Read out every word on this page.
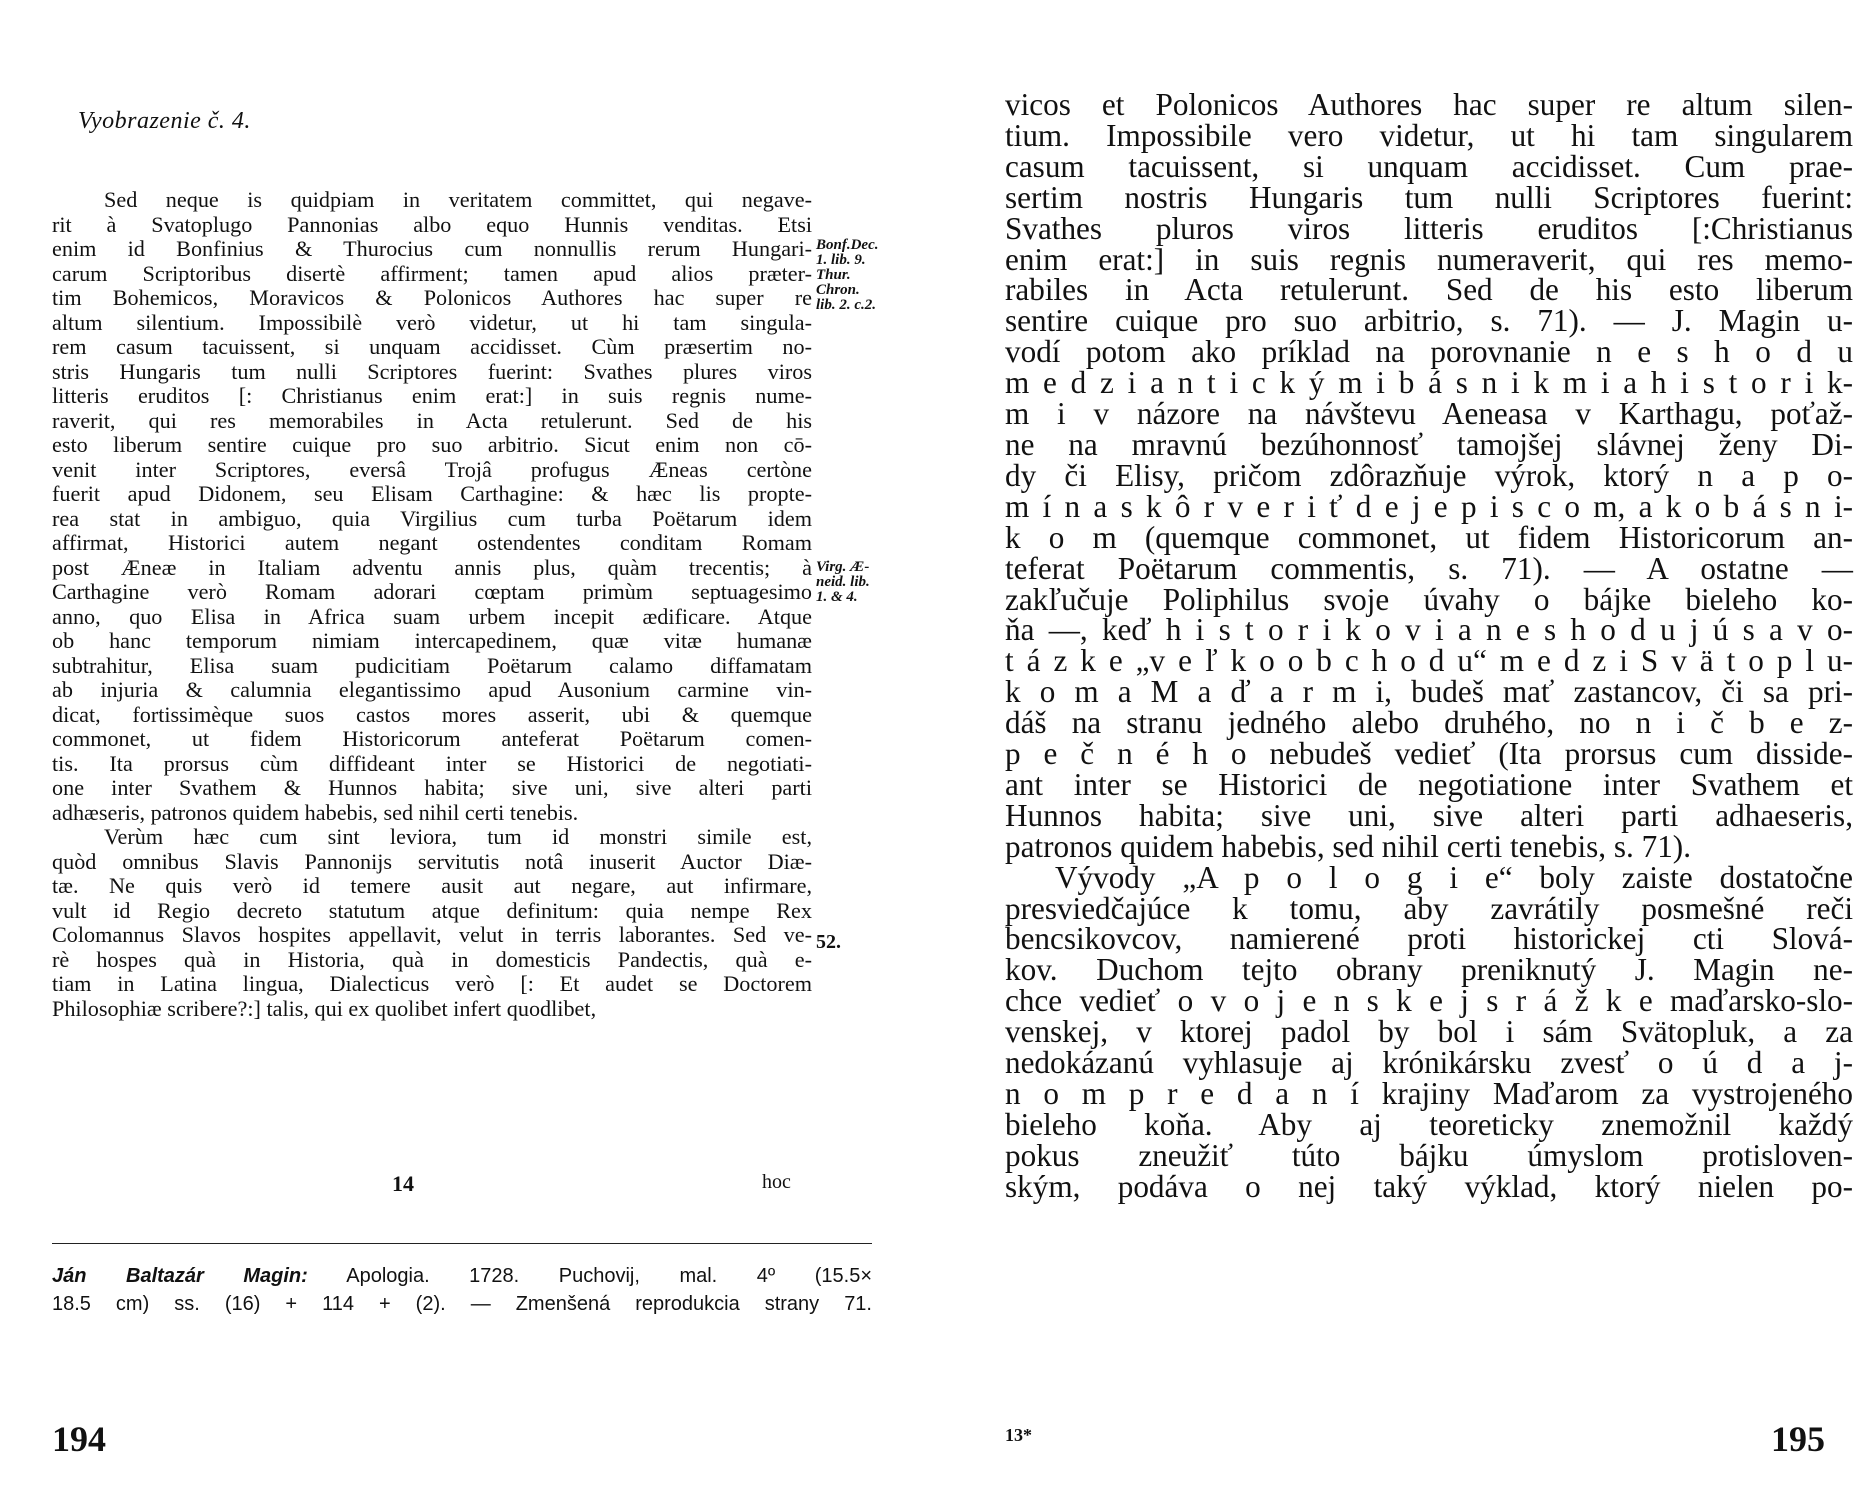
Vyobrazenie č. 4.
Sed neque is quidpiam in veritatem committet, qui negave-
rit à Svatoplugo Pannonias albo equo Hunnis venditas. Etsi
enim id Bonfinius & Thurocius cum nonnullis rerum Hungari-
carum Scriptoribus disertè affirment; tamen apud alios præter-
tim Bohemicos, Moravicos & Polonicos Authores hac super re
altum silentium. Impossibilè verò videtur, ut hi tam singula-
rem casum tacuissent, si unquam accidisset. Cùm præsertim no-
stris Hungaris tum nulli Scriptores fuerint: Svathes plures viros
litteris eruditos [: Christianus enim erat:] in suis regnis nume-
raverit, qui res memorabiles in Acta retulerunt. Sed de his
esto liberum sentire cuique pro suo arbitrio. Sicut enim non cō-
venit inter Scriptores, eversâ Trojâ profugus Æneas certòne
fuerit apud Didonem, seu Elisam Carthagine: & hæc lis propte-
rea stat in ambiguo, quia Virgilius cum turba Poëtarum idem
affirmat, Historici autem negant ostendentes conditam Romam
post Æneæ in Italiam adventu annis plus, quàm trecentis; à
Carthagine verò Romam adorari cœptam primùm septuagesimo
anno, quo Elisa in Africa suam urbem incepit ædificare. Atque
ob hanc temporum nimiam intercapedinem, quæ vitæ humanæ
subtrahitur, Elisa suam pudicitiam Poëtarum calamo diffamatam
ab injuria & calumnia elegantissimo apud Ausonium carmine vin-
dicat, fortissimèque suos castos mores asserit, ubi & quemque
commonet, ut fidem Historicorum anteferat Poëtarum comen-
tis. Ita prorsus cùm diffideant inter se Historici de negotiati-
one inter Svathem & Hunnos habita; sive uni, sive alteri parti
adhæseris, patronos quidem habebis, sed nihil certi tenebis.
Verùm hæc cum sint leviora, tum id monstri simile est,
quòd omnibus Slavis Pannonijs servitutis notâ inuserit Auctor Diæ-
tæ. Ne quis verò id temere ausit aut negare, aut infirmare,
vult id Regio decreto statutum atque definitum: quia nempe Rex
Colomannus Slavos hospites appellavit, velut in terris laborantes. Sed ve-
rè hospes quà in Historia, quà in domesticis Pandectis, quà e-
tiam in Latina lingua, Dialecticus verò [: Et audet se Doctorem
Philosophiæ scribere?:] talis, qui ex quolibet infert quodlibet,
Bonf.Dec.
1. lib. 9.
Thur.
Chron.
lib. 2. c.2.
Virg. Æ-
neid. lib.
1. & 4.
52.
14	hoc
Ján Baltazár Magin: Apologia. 1728. Puchovij, mal. 4º (15.5×
18.5 cm) ss. (16) + 114 + (2). — Zmenšená reprodukcia strany 71.
194
vicos et Polonicos Authores hac super re altum silen-
tium. Impossibile vero videtur, ut hi tam singularem
casum tacuissent, si unquam accidisset. Cum prae-
sertim nostris Hungaris tum nulli Scriptores fuerint:
Svathes pluros viros litteris eruditos [:Christianus
enim erat:] in suis regnis numeraverit, qui res memo-
rabiles in Acta retulerunt. Sed de his esto liberum
sentire cuique pro suo arbitrio, s. 71). — J. Magin u-
vodí potom ako príklad na porovnanie n e s h o d u
m e d z i a n t i c k ý m i b á s n i k m i a h i s t o r i k-
m i v názore na návštevu Aeneasa v Karthagu, poťaž-
ne na mravnú bezúhonnosť tamojšej slávnej ženy Di-
dy či Elisy, pričom zdôrazňuje výrok, ktorý n a p o-
m í n a s k ô r v e r i ť d e j e p i s c o m, a k o b á s n i-
k o m (quemque commonet, ut fidem Historicorum an-
teferat Poëtarum commentis, s. 71). — A ostatne —
zakľučuje Poliphilus svoje úvahy o bájke bieleho ko-
ňa —, keď h i s t o r i k o v i a n e s h o d u j ú s a v o-
t á z k e „v e ľ k o o b c h o d u“ m e d z i S v ä t o p l u-
k o m a M a ď a r m i, budeš mať zastancov, či sa pri-
dáš na stranu jedného alebo druhého, no n i č b e z-
p e č n é h o nebudeš vedieť (Ita prorsus cum dissidе-
ant inter se Historici de negotiatione inter Svathem et
Hunnos habita; sive uni, sive alteri parti adhaeseris,
patronos quidem habebis, sed nihil certi tenebis, s. 71).
Vývody „A p o l o g i e“ boly zaiste dostatočne
presviedčajúce k tomu, aby zavrátily posmešné reči
bencsikovcov, namierené proti historickej cti Slová-
kov. Duchom tejto obrany preniknutý J. Magin ne-
chce vedieť o v o j e n s k e j s r á ž k e maďarsko-slo-
venskej, v ktorej padol by bol i sám Svätopluk, a za
nedokázanú vyhlasuje aj krónikársku zvesť o ú d a j-
n o m p r e d a n í krajiny Maďarom za vystrojeného
bieleho koňa. Aby aj teoreticky znemožnil každý
pokus zneužiť túto bájku úmyslom protisloven-
ským, podáva o nej taký výklad, ktorý nielen po-
13*	195
